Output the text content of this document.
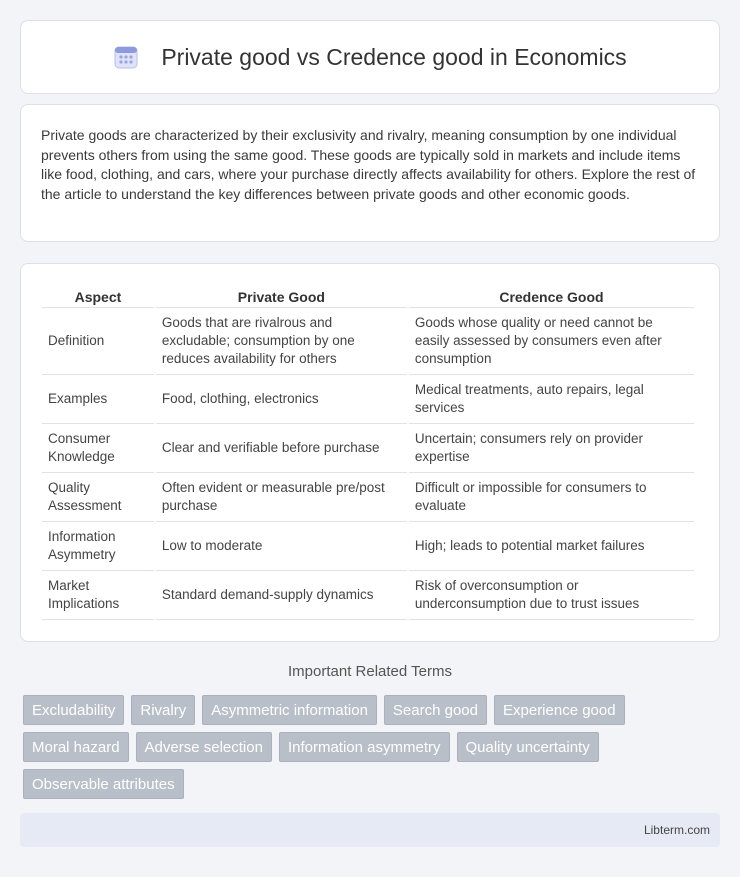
Private good vs Credence good in Economics

Private goods are characterized by their exclusivity and rivalry, meaning consumption by one individual prevents others from using the same good. These goods are typically sold in markets and include items like food, clothing, and cars, where your purchase directly affects availability for others. Explore the rest of the article to understand the key differences between private goods and other economic goods.

Aspect	Private Good	Credence Good
Definition	Goods that are rivalrous and excludable; consumption by one reduces availability for others	Goods whose quality or need cannot be easily assessed by consumers even after consumption
Examples	Food, clothing, electronics	Medical treatments, auto repairs, legal services
Consumer Knowledge	Clear and verifiable before purchase	Uncertain; consumers rely on provider expertise
Quality Assessment	Often evident or measurable pre/post purchase	Difficult or impossible for consumers to evaluate
Information Asymmetry	Low to moderate	High; leads to potential market failures
Market Implications	Standard demand-supply dynamics	Risk of overconsumption or underconsumption due to trust issues
Important Related Terms
Excludability	Rivalry	Asymmetric information	Search good	Experience good
Moral hazard	Adverse selection	Information asymmetry	Quality uncertainty
Observable attributes
Libterm.com
